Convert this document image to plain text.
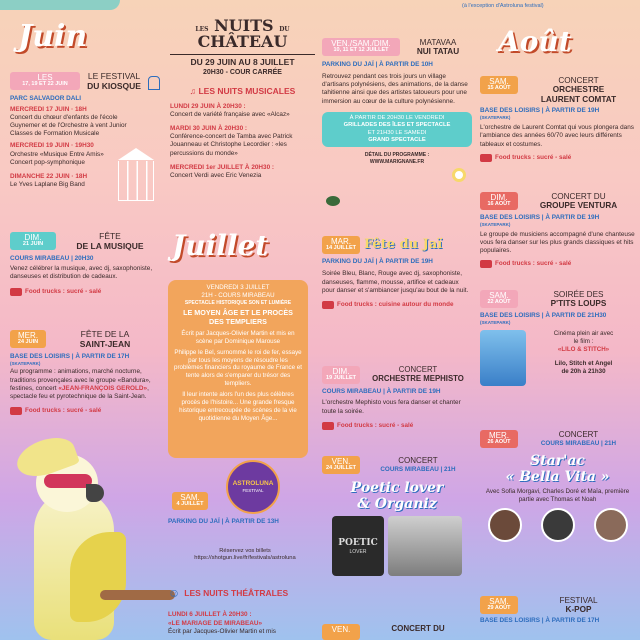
(à l'exception d'Astroluna festival)
Juin
LES
17, 19 ET 22 JUIN
LE FESTIVAL
DU KIOSQUE
PARC SALVADOR DALI
MERCREDI 17 JUIN · 18H
Concert du chœur d'enfants de l'école Guynemer et de l'Orchestre à vent Junior Classes de Formation Musicale
MERCREDI 19 JUIN · 19H30
Orchestre «Musique Entre Amis» Concert pop-symphonique
DIMANCHE 22 JUIN · 18H
Le Yves Laplane Big Band
DIM.
21 JUIN
FÊTE
DE LA MUSIQUE
COURS MIRABEAU | 20H30
Venez célébrer la musique, avec dj, saxophoniste, danseuses et distribution de cadeaux.
Food trucks : sucré - salé
MER.
24 JUIN
FÊTE DE LA
SAINT-JEAN
BASE DES LOISIRS | À PARTIR DE 17H
(SKATEPARK)
Au programme : animations, marché nocturne, traditions provençales avec le groupe «Bandura», festines, concert «JEAN-FRANÇOIS GEROLD», spectacle feu et pyrotechnique de la Saint-Jean.
Food trucks : sucré - salé
LES NUITS DU CHÂTEAU
DU 29 JUIN AU 8 JUILLET
20H30 - COUR CARRÉE
♫ LES NUITS MUSICALES
LUNDI 29 JUIN À 20H30 :
Concert de variété française avec «Alcaz»
MARDI 30 JUIN À 20H30 :
Conférence-concert de Tamba avec Patrick Jouanneau et Christophe Lecordier : «les percussions du monde»
MERCREDI 1er JUILLET À 20H30 :
Concert Verdi avec Eric Venezia
Juillet
VENDREDI 3 JUILLET
21H - COURS MIRABEAU
SPECTACLE HISTORIQUE SON ET LUMIÈRE
LE MOYEN ÂGE ET LE PROCÈS
DES TEMPLIERS
Écrit par Jacques-Olivier Martin et mis en scène par Dominique Marouse
Philippe le Bel, surnommé le roi de fer, essaye par tous les moyens de résoudre les problèmes financiers du royaume de France et tente alors de s'emparer du trésor des templiers.
Il leur intente alors l'un des plus célèbres procès de l'histoire... Une grande fresque historique entrecoupée de scènes de la vie quotidienne du Moyen Âge...
ASTROLUNA
FESTIVAL
SAM.
4 JUILLET
PARKING DU JAÏ | À PARTIR DE 13H
Réservez vos billets
https://shotgun.live/fr/festivals/astroluna
☺ LES NUITS THÉÂTRALES
LUNDI 6 JUILLET À 20H30 :
«LE MARIAGE DE MIRABEAU»
Écrit par Jacques-Olivier Martin et mis
VEN./SAM./DIM.
10, 11 ET 12 JUILLET
MATAVAA
NUI TATAU
PARKING DU JAÏ | À PARTIR DE 10H
Retrouvez pendant ces trois jours un village d'artisans polynésiens, des animations, de la danse tahitienne ainsi que des artistes tatoueurs pour une immersion au cœur de la culture polynésienne.
À PARTIR DE 20H30 LE VENDREDI
GRILLADES DES ÎLES ET SPECTACLE
ET 21H30 LE SAMEDI
GRAND SPECTACLE
DÉTAIL DU PROGRAMME :
WWW.MARIGNANE.FR
MAR.
14 JUILLET Fête du Jaï
PARKING DU JAÏ | À PARTIR DE 19H
Soirée Bleu, Blanc, Rouge avec dj, saxophoniste, danseuses, flamme, mousse, artifice et cadeaux pour danser et s'ambiancer jusqu'au bout de la nuit.
Food trucks : cuisine autour du monde
DIM.
19 JUILLET
CONCERT
ORCHESTRE MEPHISTO
COURS MIRABEAU | À PARTIR DE 19H
L'orchestre Mephisto vous fera danser et chanter toute la soirée.
Food trucks : sucré - salé
VEN.
24 JUILLET
CONCERT
COURS MIRABEAU | 21H
Poetic lover
& Organiz
POETIC
LOVER
VEN.	CONCERT DU
Août
SAM.
15 AOÛT
CONCERT
ORCHESTRE
LAURENT COMTAT
BASE DES LOISIRS | À PARTIR DE 19H
(SKATEPARK)
L'orchestre de Laurent Comtat qui vous plongera dans l'ambiance des années 60/70 avec leurs différents tableaux et costumes.
Food trucks : sucré - salé
DIM.
16 AOÛT
CONCERT DU
GROUPE VENTURA
BASE DES LOISIRS | À PARTIR DE 19H
(SKATEPARK)
Le groupe de musiciens accompagné d'une chanteuse vous fera danser sur les plus grands classiques et hits populaires.
Food trucks : sucré - salé
SAM.
22 AOÛT
SOIRÉE DES
P'TITS LOUPS
BASE DES LOISIRS | À PARTIR DE 21H30
(SKATEPARK)
Cinéma plein air avec
le film :
«LILO & STITCH»
Lilo, Stitch et Angel
de 20h à 21h30
MER.
26 AOÛT
CONCERT
COURS MIRABEAU | 21H
Star'ac
« Bella Vita »
Avec Sofia Morgavi, Charles Doré et Maïa, première partie avec Thomas et Noah
SAM.
29 AOÛT
FESTIVAL
K-POP
BASE DES LOISIRS | À PARTIR DE 17H
